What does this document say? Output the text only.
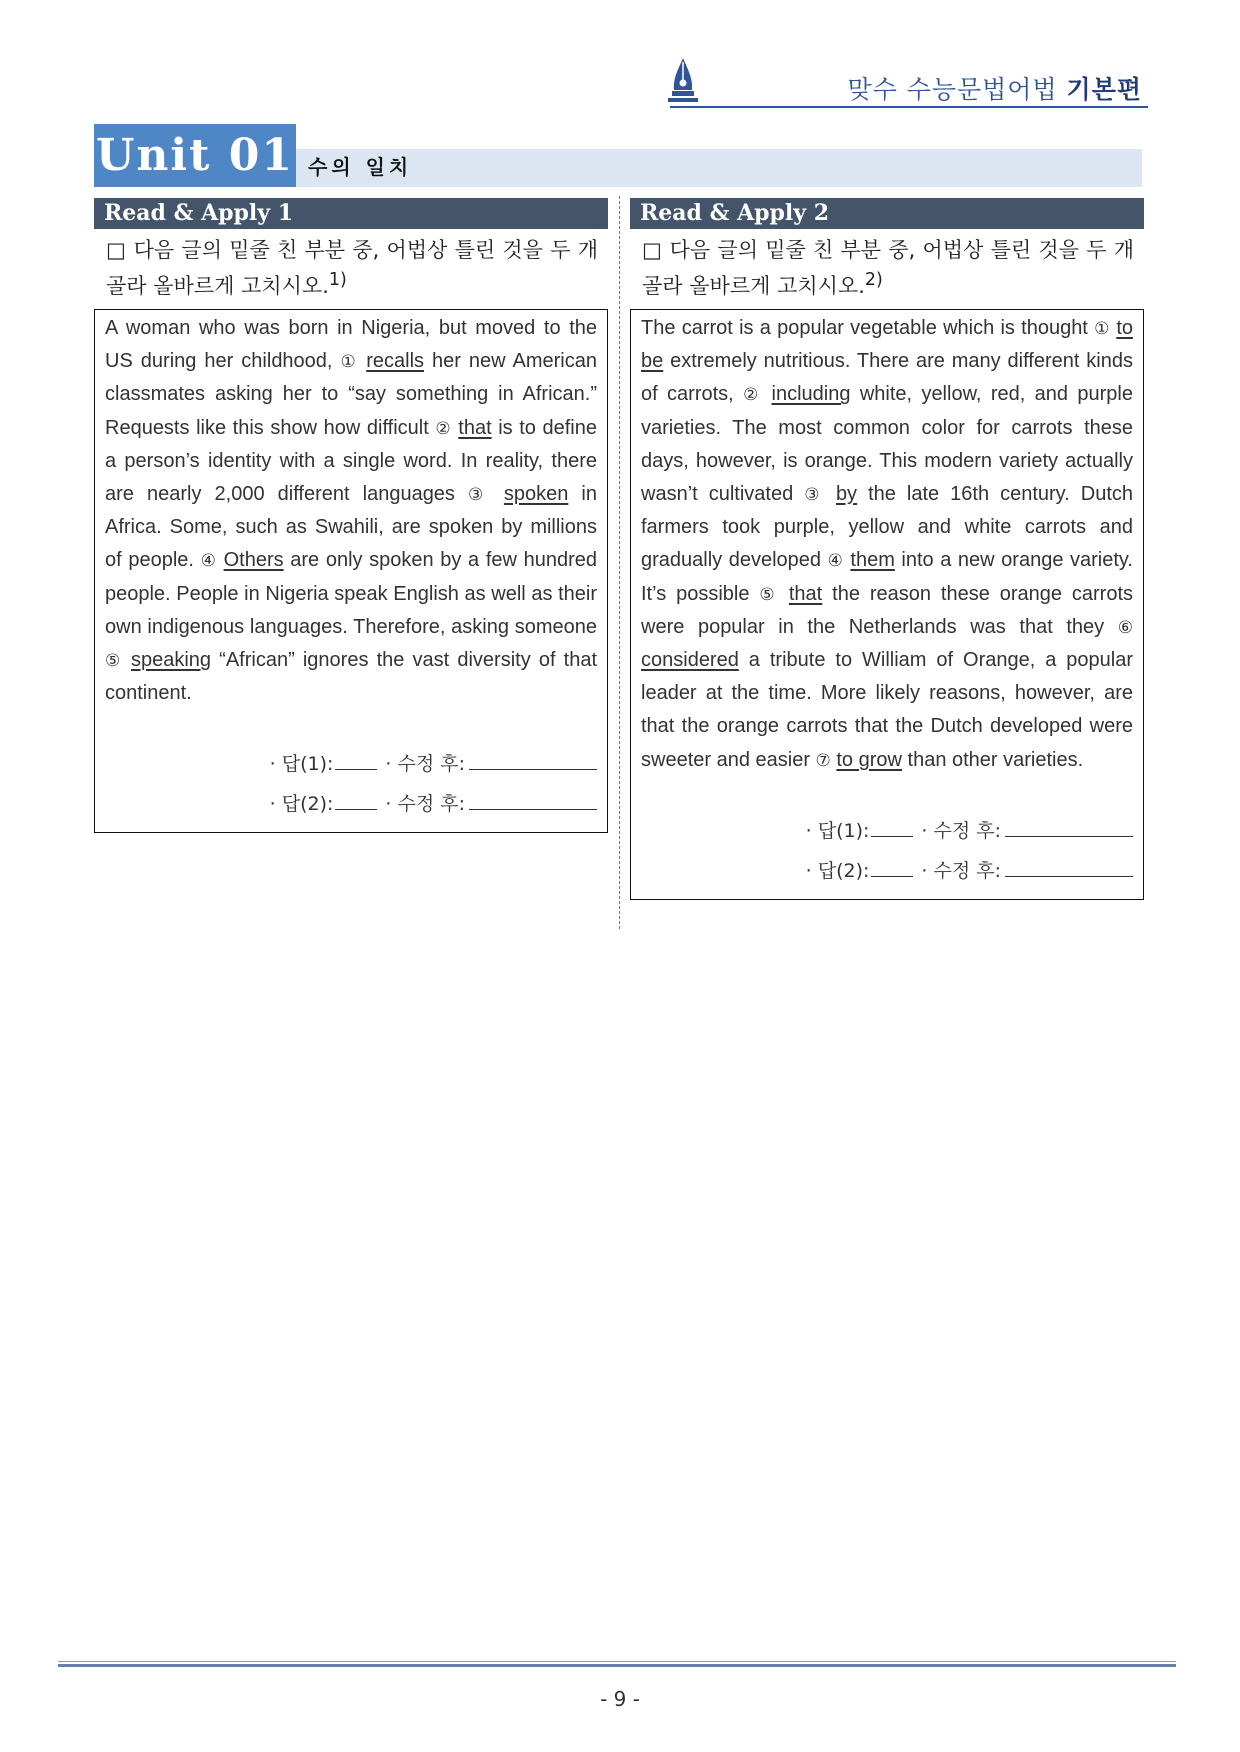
맞수 수능문법어법 기본편
Unit 01 수의 일치
Read & Apply 1
□ 다음 글의 밑줄 친 부분 중, 어법상 틀린 것을 두 개 골라 올바르게 고치시오.$^{1)}$
A woman who was born in Nigeria, but moved to the US during her childhood, ① recalls her new American classmates asking her to “say something in African.” Requests like this show how difficult ② that is to define a person’s identity with a single word. In reality, there are nearly 2,000 different languages ③ spoken in Africa. Some, such as Swahili, are spoken by millions of people. ④ Others are only spoken by a few hundred people. People in Nigeria speak English as well as their own indigenous languages. Therefore, asking someone ⑤ speaking “African” ignores the vast diversity of that continent.
· 답(1):	· 수정 후:
· 답(2):	· 수정 후:
Read & Apply 2
□ 다음 글의 밑줄 친 부분 중, 어법상 틀린 것을 두 개 골라 올바르게 고치시오.$^{2)}$
The carrot is a popular vegetable which is thought ① to be extremely nutritious. There are many different kinds of carrots, ② including white, yellow, red, and purple varieties. The most common color for carrots these days, however, is orange. This modern variety actually wasn’t cultivated ③ by the late 16th century. Dutch farmers took purple, yellow and white carrots and gradually developed ④ them into a new orange variety. It’s possible ⑤ that the reason these orange carrots were popular in the Netherlands was that they ⑥ considered a tribute to William of Orange, a popular leader at the time. More likely reasons, however, are that the orange carrots that the Dutch developed were sweeter and easier ⑦ to grow than other varieties.
· 답(1):	· 수정 후:
· 답(2):	· 수정 후:
- 9 -
